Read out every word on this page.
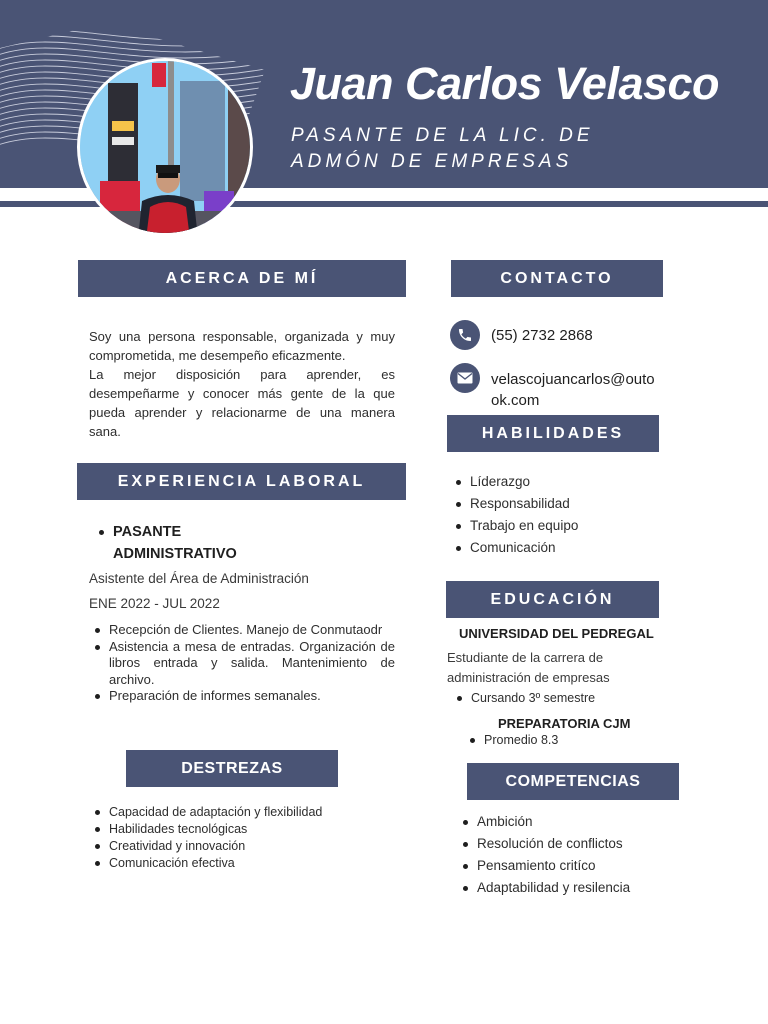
Juan Carlos Velasco
PASANTE DE LA LIC. DE
ADMÓN DE EMPRESAS
ACERCA DE MÍ

Soy una persona responsable, organizada y muy comprometida, me desempeño eficazmente.

La mejor disposición para aprender, es desempeñarme y conocer más gente de la que pueda aprender y relacionarme de una manera sana.

EXPERIENCIA LABORAL
PASANTE
ADMINISTRATIVO
Asistente del Área de Administración
ENE 2022 - JUL 2022
Recepción de Clientes. Manejo de Conmutaodr
Asistencia a mesa de entradas. Organización de libros entrada y salida. Mantenimiento de archivo.
Preparación de informes semanales.
DESTREZAS
Capacidad de adaptación y flexibilidad
Habilidades tecnológicas
Creatividad y innovación
Comunicación efectiva
CONTACTO
(55) 2732 2868
velascojuancarlos@outo
ok.com
HABILIDADES
Líderazgo
Responsabilidad
Trabajo en equipo
Comunicación
EDUCACIÓN
UNIVERSIDAD DEL PEDREGAL
Estudiante de la carrera de
administración de empresas
Cursando 3º semestre
PREPARATORIA CJM
Promedio 8.3
COMPETENCIAS
Ambición
Resolución de conflictos
Pensamiento critíco
Adaptabilidad y resilencia
